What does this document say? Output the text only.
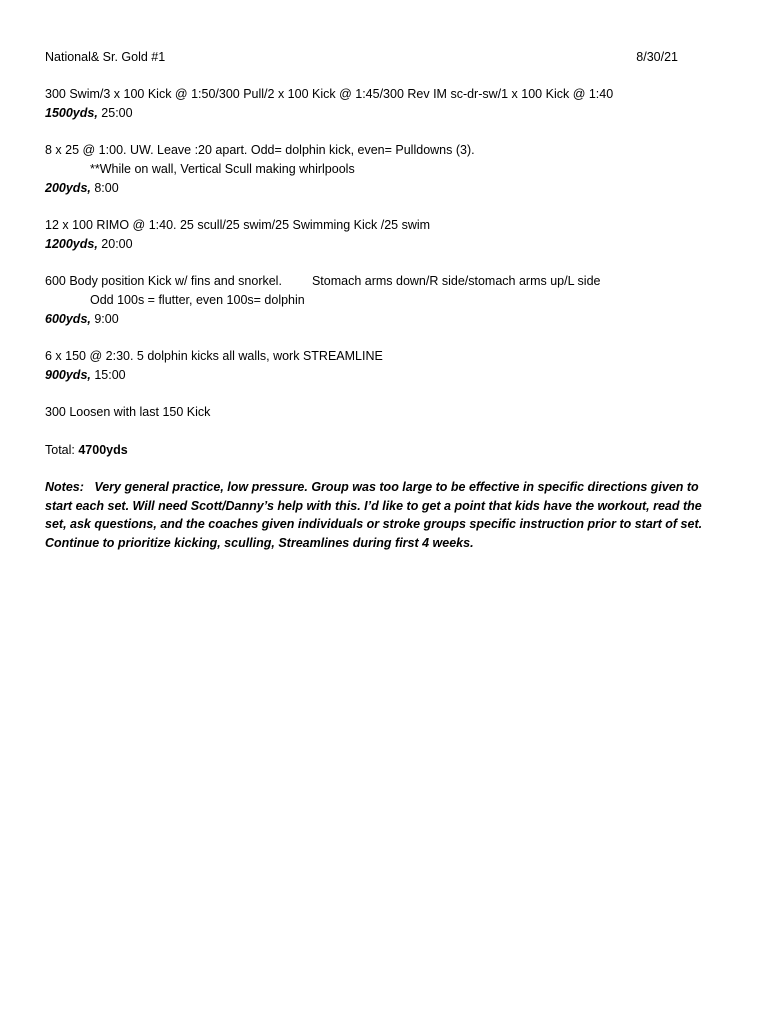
National& Sr. Gold #1	8/30/21
300 Swim/3 x 100 Kick @ 1:50/300 Pull/2 x 100 Kick @ 1:45/300 Rev IM sc-dr-sw/1 x 100 Kick @ 1:40
1500yds, 25:00
8 x 25 @ 1:00. UW. Leave :20 apart. Odd= dolphin kick, even= Pulldowns (3).
**While on wall, Vertical Scull making whirlpools
200yds, 8:00
12 x 100 RIMO @ 1:40. 25 scull/25 swim/25 Swimming Kick /25 swim
1200yds, 20:00
600 Body position Kick w/ fins and snorkel. Stomach arms down/R side/stomach arms up/L side
Odd 100s = flutter, even 100s= dolphin
600yds, 9:00
6 x 150 @ 2:30. 5 dolphin kicks all walls, work STREAMLINE
900yds, 15:00
300 Loosen with last 150 Kick
Total: 4700yds
Notes: Very general practice, low pressure. Group was too large to be effective in specific directions given to start each set. Will need Scott/Danny’s help with this. I’d like to get a point that kids have the workout, read the set, ask questions, and the coaches given individuals or stroke groups specific instruction prior to start of set. Continue to prioritize kicking, sculling, Streamlines during first 4 weeks.
